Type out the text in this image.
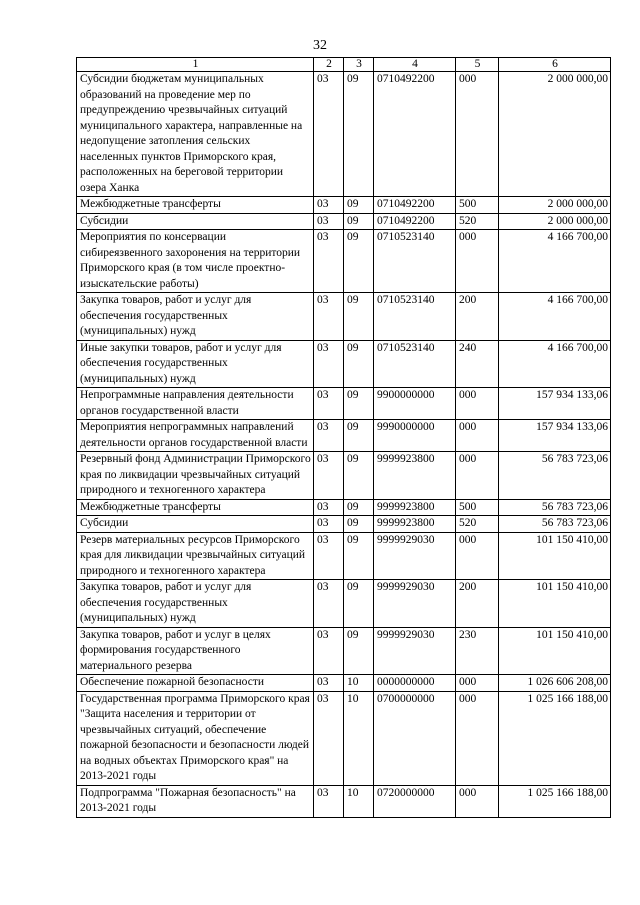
32
1	2	3	4	5	6
Субсидии бюджетам муниципальных образований на проведение мер по предупреждению чрезвычайных ситуаций муниципального характера, направленные на недопущение затопления сельских населенных пунктов Приморского края, расположенных на береговой территории озера Ханка	03	09	0710492200	000	2 000 000,00
Межбюджетные трансферты	03	09	0710492200	500	2 000 000,00
Субсидии	03	09	0710492200	520	2 000 000,00
Мероприятия по консервации сибиреязвенного захоронения на территории Приморского края (в том числе проектно-изыскательские работы)	03	09	0710523140	000	4 166 700,00
Закупка товаров, работ и услуг для обеспечения государственных (муниципальных) нужд	03	09	0710523140	200	4 166 700,00
Иные закупки товаров, работ и услуг для обеспечения государственных (муниципальных) нужд	03	09	0710523140	240	4 166 700,00
Непрограммные направления деятельности органов государственной власти	03	09	9900000000	000	157 934 133,06
Мероприятия непрограммных направлений деятельности органов государственной власти	03	09	9990000000	000	157 934 133,06
Резервный фонд Администрации Приморского края по ликвидации чрезвычайных ситуаций природного и техногенного характера	03	09	9999923800	000	56 783 723,06
Межбюджетные трансферты	03	09	9999923800	500	56 783 723,06
Субсидии	03	09	9999923800	520	56 783 723,06
Резерв материальных ресурсов Приморского края для ликвидации чрезвычайных ситуаций природного и техногенного характера	03	09	9999929030	000	101 150 410,00
Закупка товаров, работ и услуг для обеспечения государственных (муниципальных) нужд	03	09	9999929030	200	101 150 410,00
Закупка товаров, работ и услуг в целях формирования государственного материального резерва	03	09	9999929030	230	101 150 410,00
Обеспечение пожарной безопасности	03	10	0000000000	000	1 026 606 208,00
Государственная программа Приморского края "Защита населения и территории от чрезвычайных ситуаций, обеспечение пожарной безопасности и безопасности людей на водных объектах Приморского края" на 2013-2021 годы	03	10	0700000000	000	1 025 166 188,00
Подпрограмма "Пожарная безопасность" на 2013-2021 годы	03	10	0720000000	000	1 025 166 188,00
